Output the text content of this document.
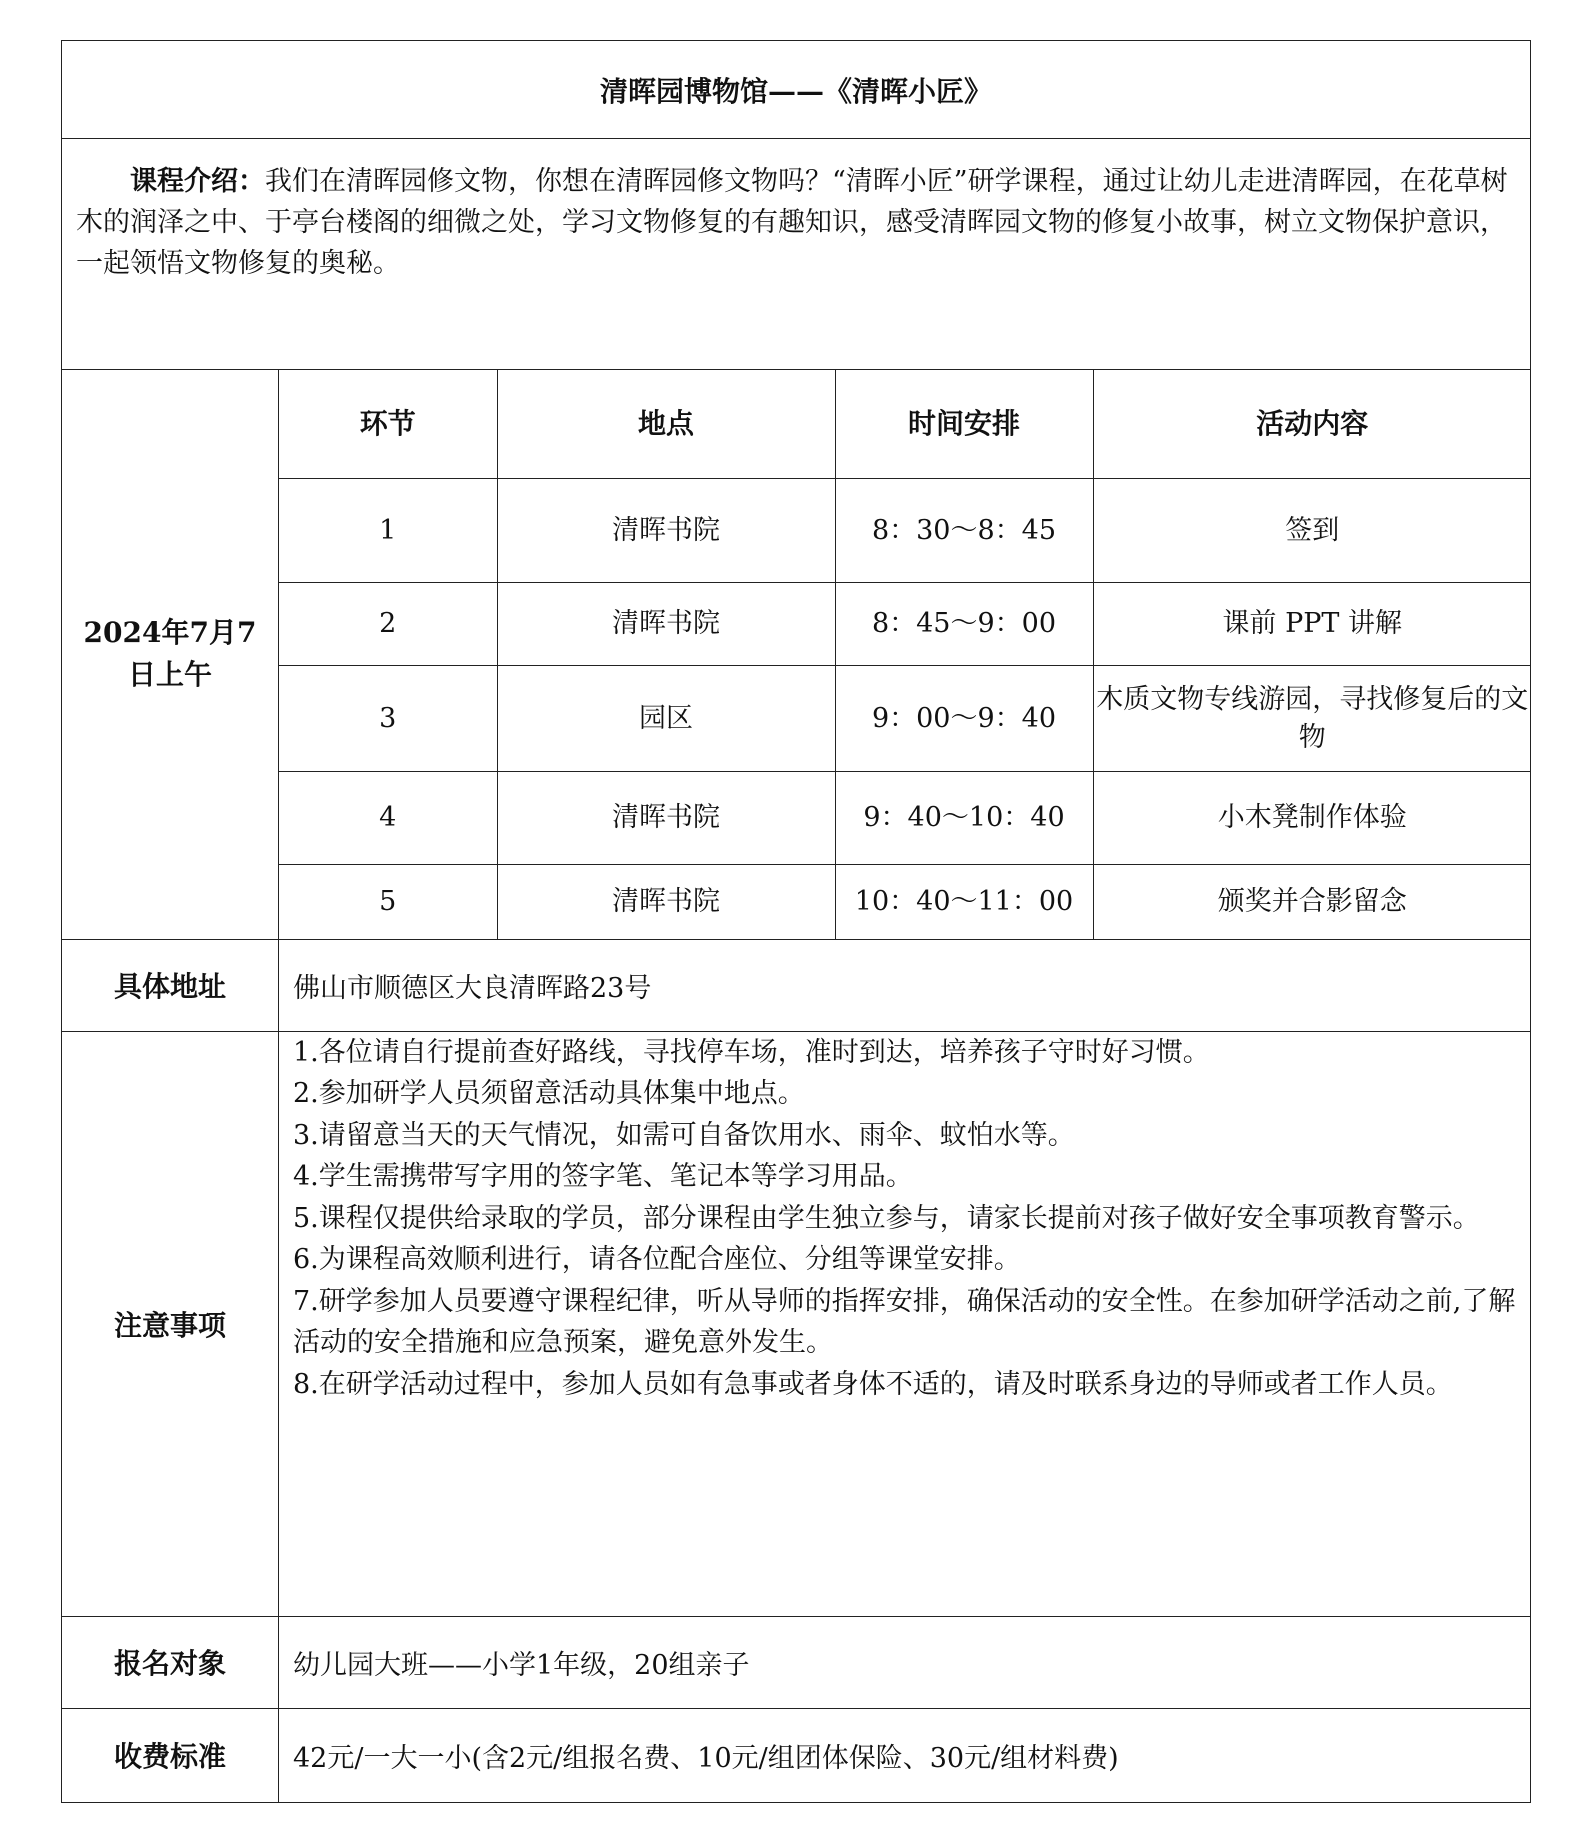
清晖园博物馆——《清晖小匠》
课程介绍：我们在清晖园修文物，你想在清晖园修文物吗？“清晖小匠”研学课程，通过让幼儿走进清晖园，在花草树木的润泽之中、于亭台楼阁的细微之处，学习文物修复的有趣知识，感受清晖园文物的修复小故事，树立文物保护意识，一起领悟文物修复的奥秘。

2024年7月7日上午

环节	地点	时间安排	活动内容
1	清晖书院	8：30～8：45	签到
2	清晖书院	8：45～9：00	课前 PPT 讲解
3	园区	9：00～9：40	木质文物专线游园，寻找修复后的文物
4	清晖书院	9：40～10：40	小木凳制作体验
5	清晖书院	10：40～11：00	颁奖并合影留念

具体地址	佛山市顺德区大良清晖路23号
注意事项	
1.各位请自行提前查好路线，寻找停车场，准时到达，培养孩子守时好习惯。
2.参加研学人员须留意活动具体集中地点。
3.请留意当天的天气情况，如需可自备饮用水、雨伞、蚊怕水等。
4.学生需携带写字用的签字笔、笔记本等学习用品。
5.课程仅提供给录取的学员，部分课程由学生独立参与，请家长提前对孩子做好安全事项教育警示。
6.为课程高效顺利进行，请各位配合座位、分组等课堂安排。
7.研学参加人员要遵守课程纪律，听从导师的指挥安排，确保活动的安全性。在参加研学活动之前,了解活动的安全措施和应急预案，避免意外发生。
8.在研学活动过程中，参加人员如有急事或者身体不适的，请及时联系身边的导师或者工作人员。

报名对象	幼儿园大班——小学1年级，20组亲子
收费标准	42元/一大一小(含2元/组报名费、10元/组团体保险、30元/组材料费)
